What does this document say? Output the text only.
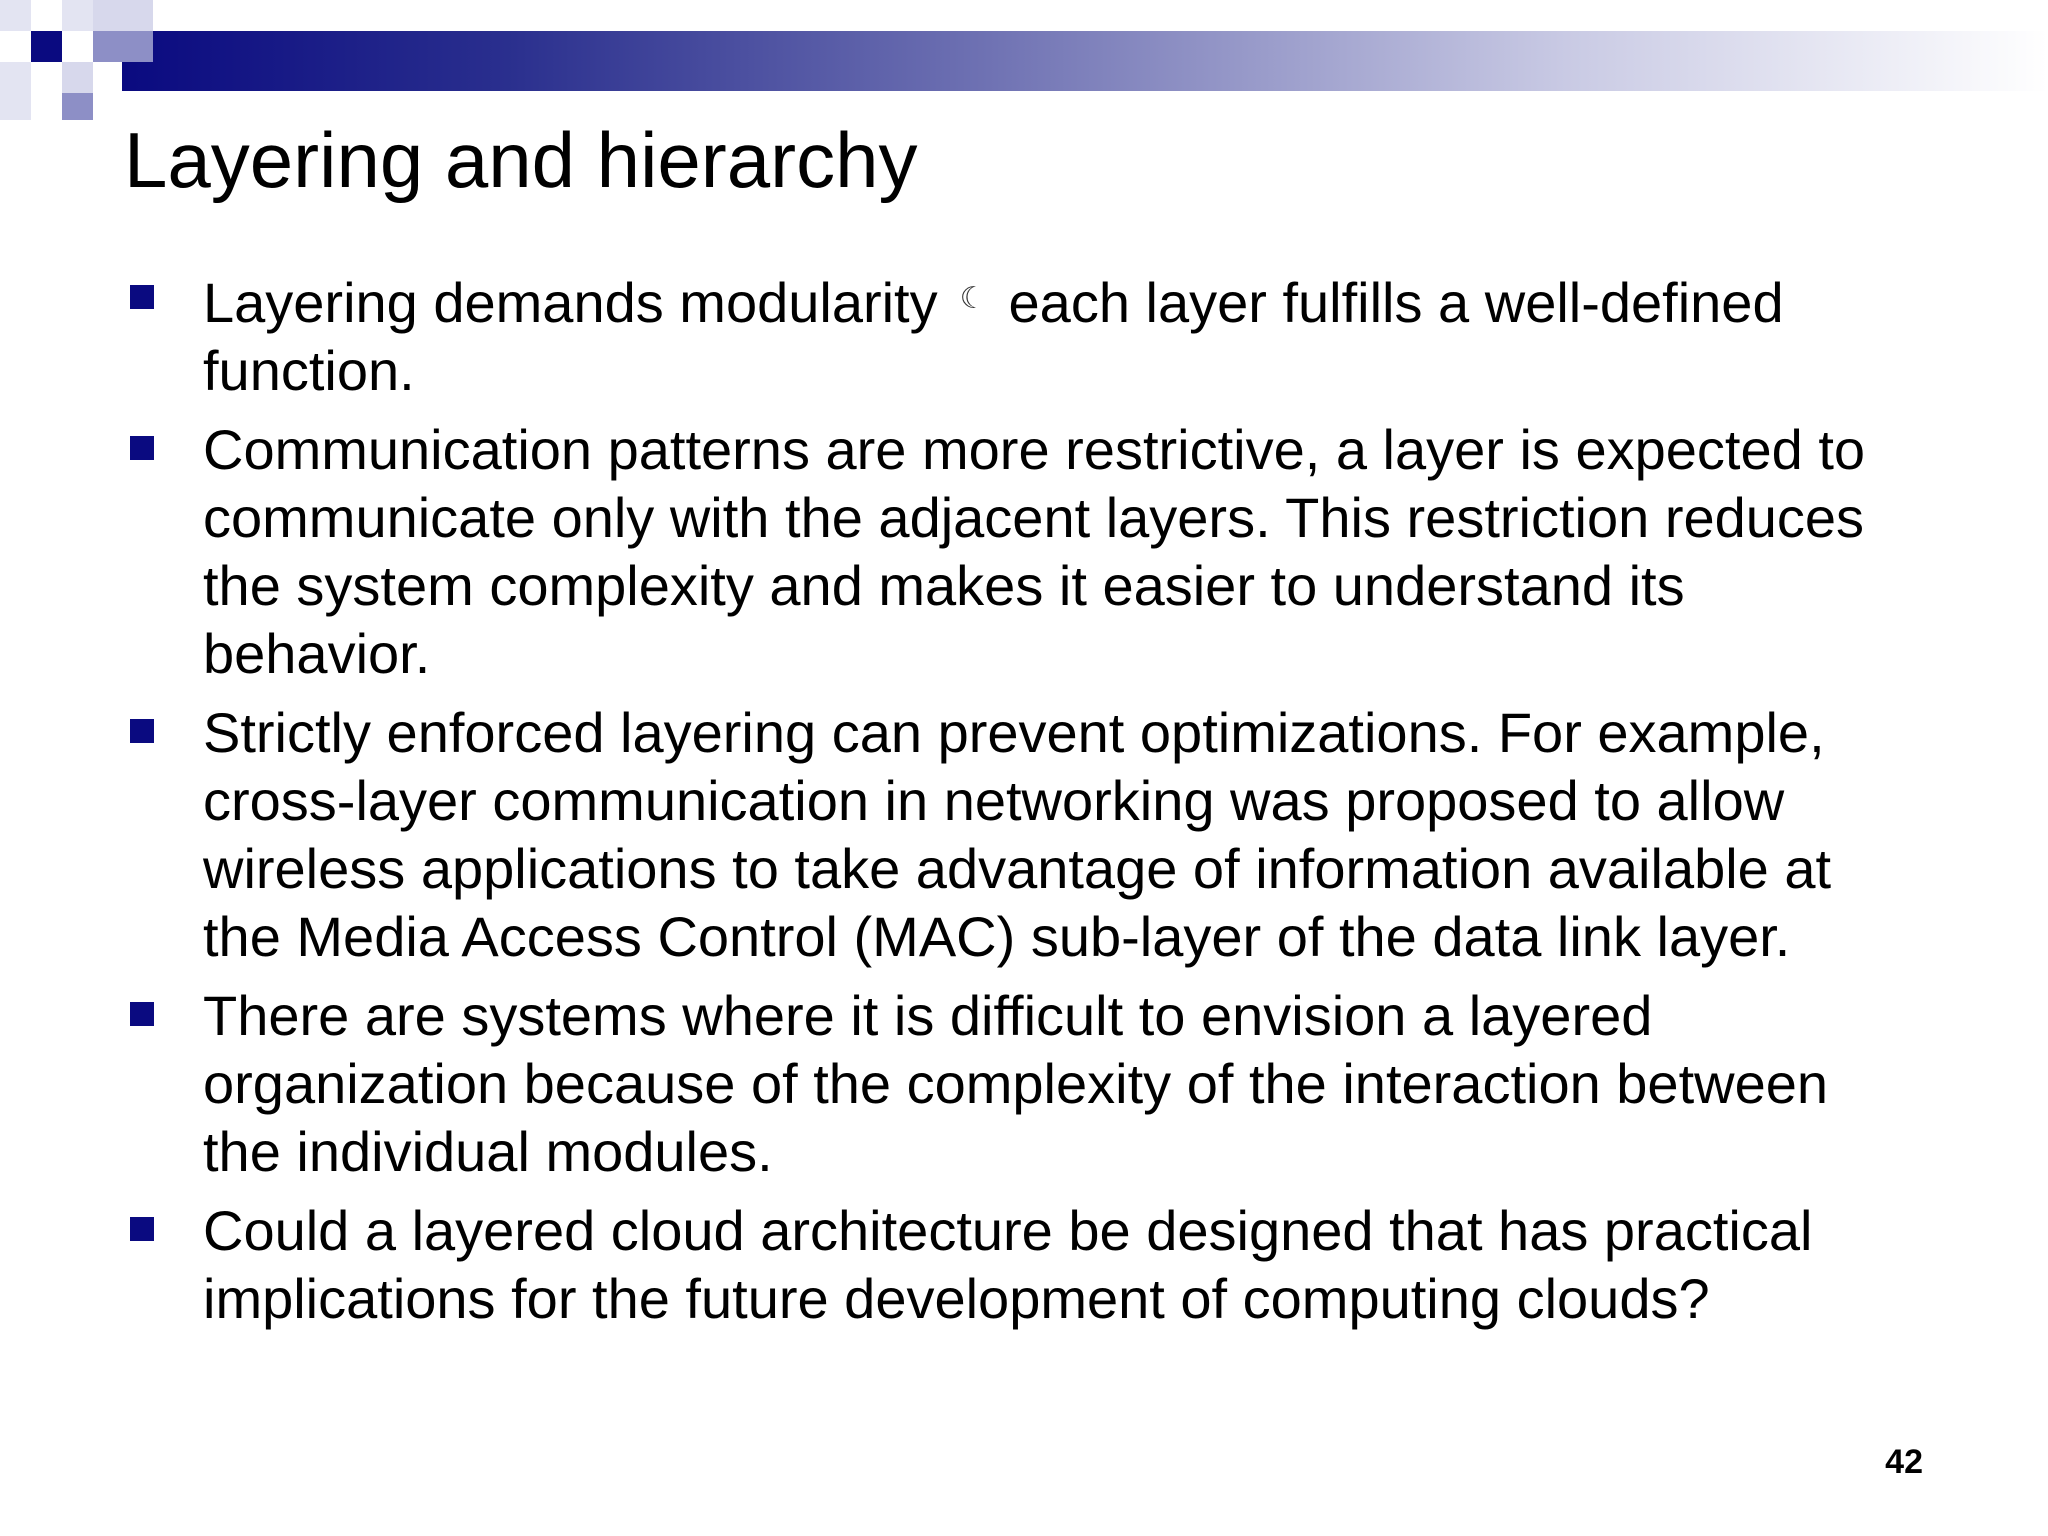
Layering and hierarchy
Layering demands modularity ☾ each layer fulfills a well-defined function.
Communication patterns are more restrictive, a layer is expected to communicate only with the adjacent layers. This restriction reduces the system complexity and makes it easier to understand its behavior.
Strictly enforced layering can prevent optimizations. For example, cross-layer communication in networking was proposed to allow wireless applications to take advantage of information available at the Media Access Control (MAC) sub-layer of the data link layer.
There are systems where it is difficult to envision a layered organization because of the complexity of the interaction between the individual modules.
Could a layered cloud architecture be designed that has practical implications for the future development of computing clouds?
42
